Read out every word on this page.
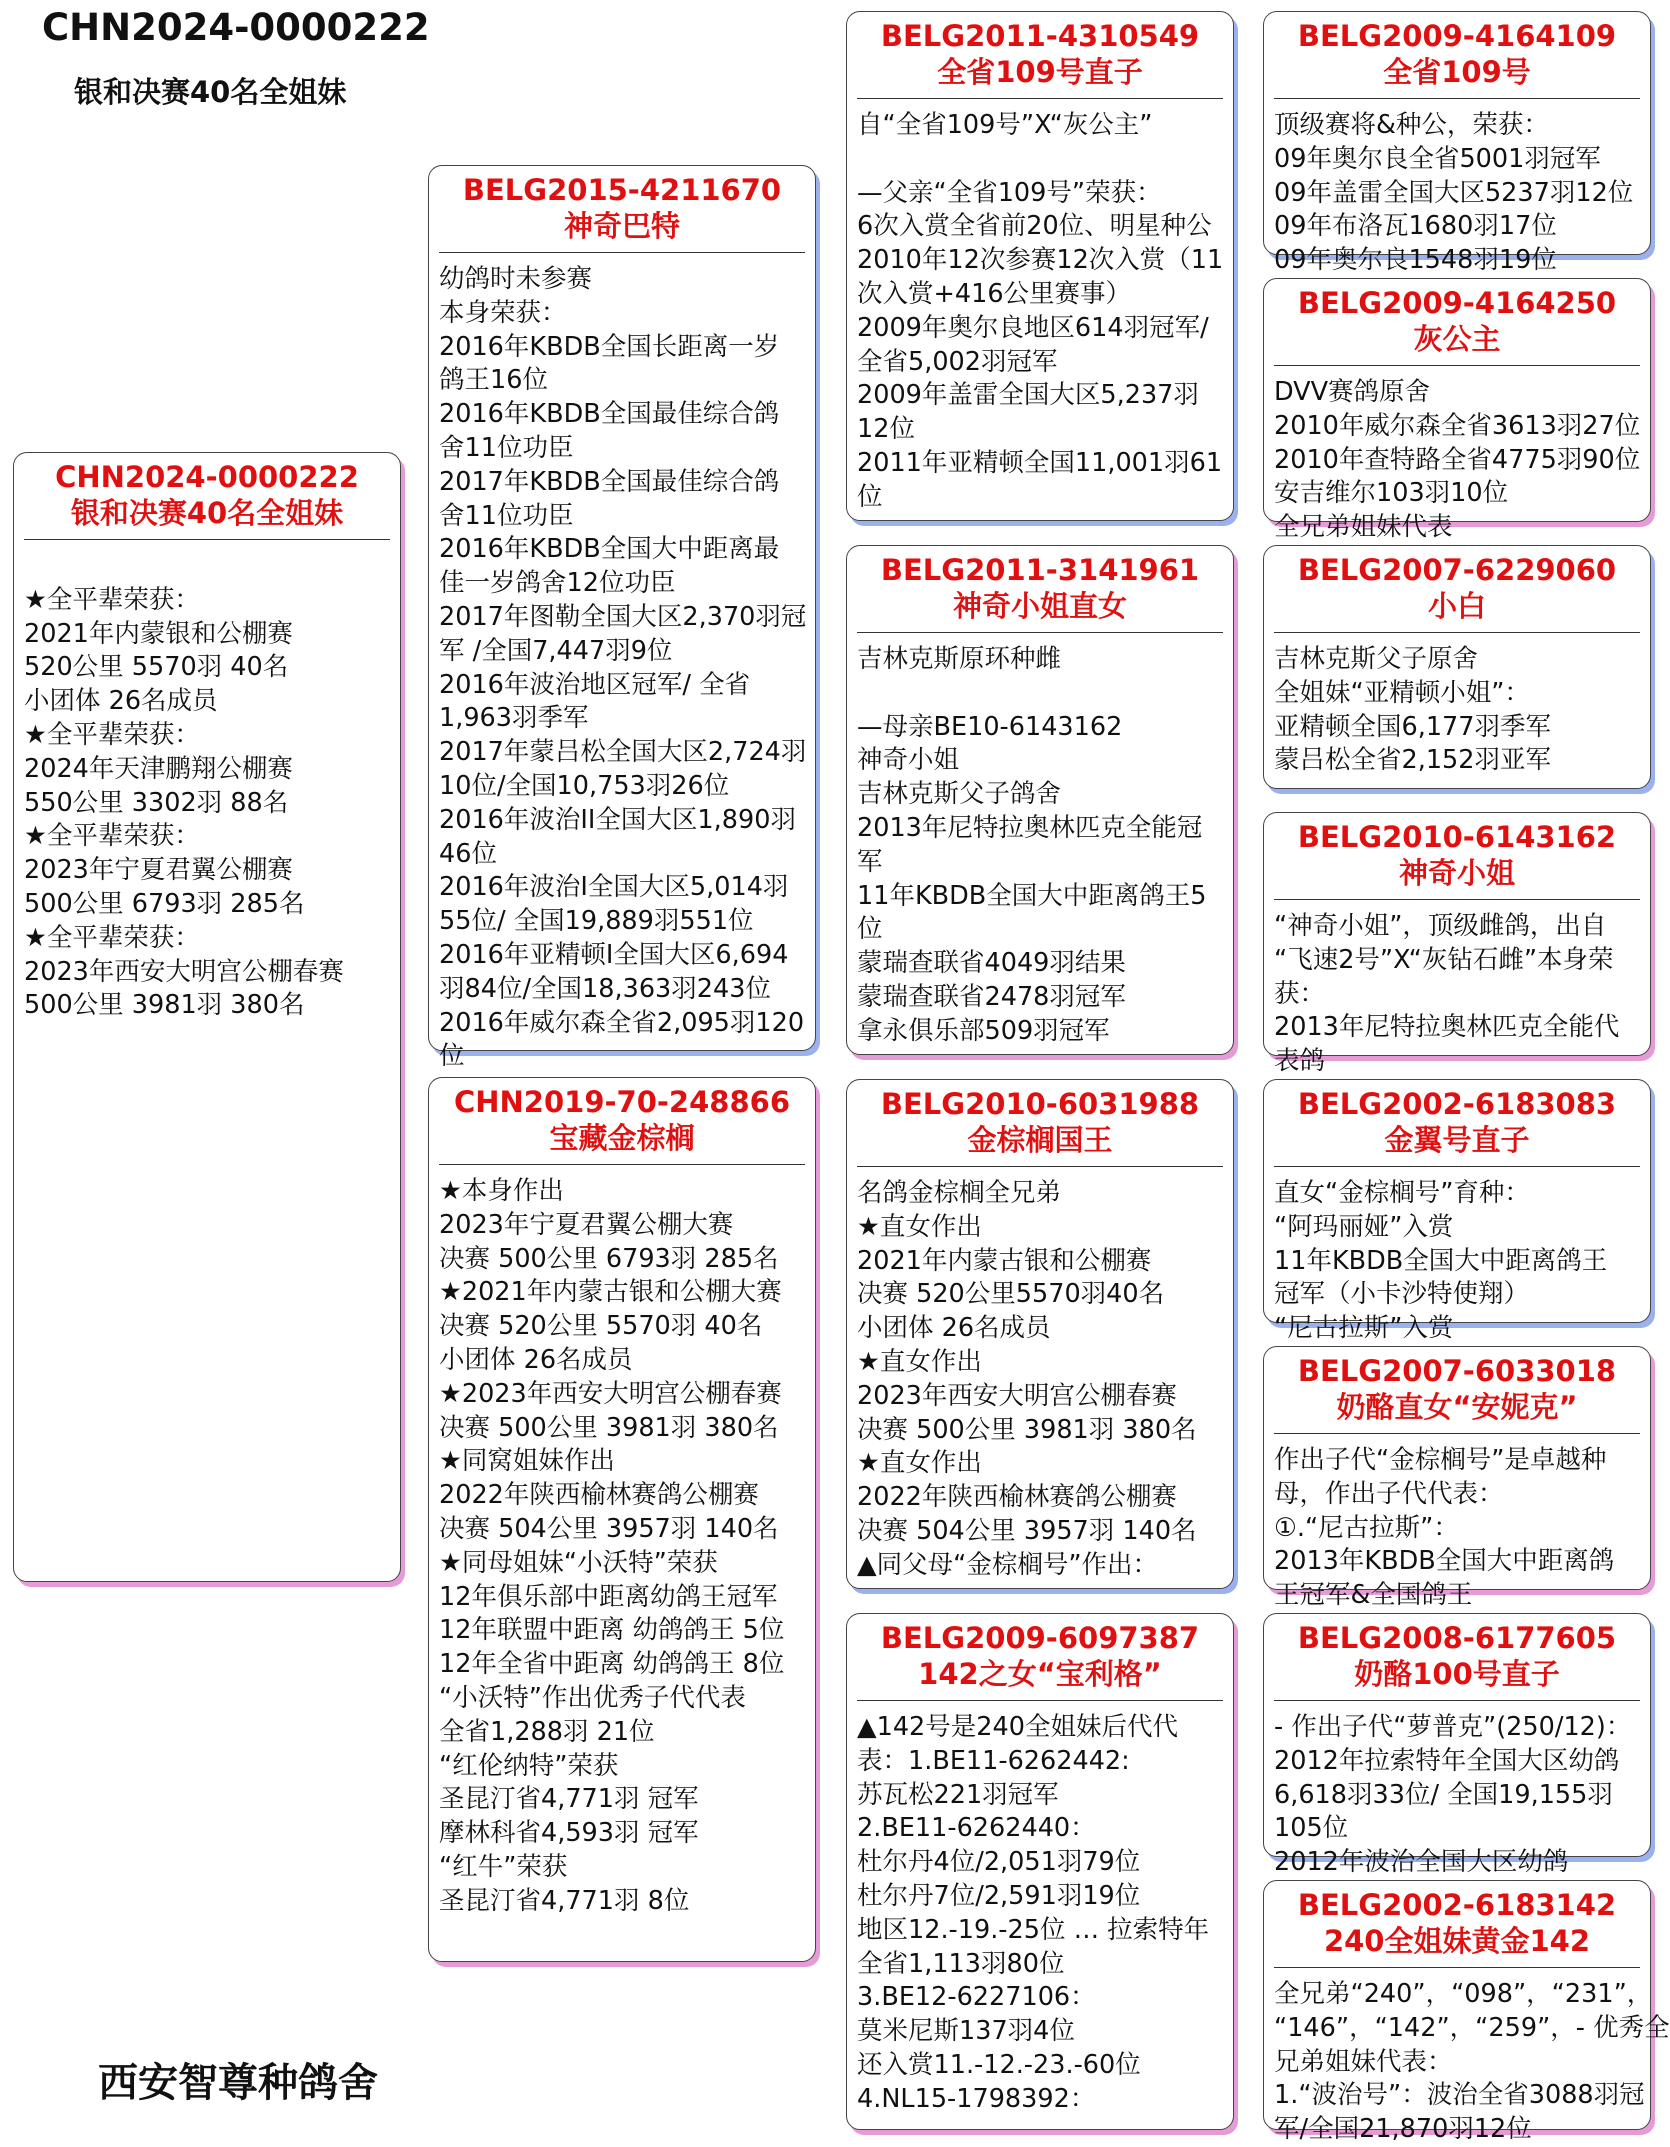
CHN2024-0000222
银和决赛40名全姐妹
CHN2024-0000222
银和决赛40名全姐妹
★全平辈荣获：
2021年内蒙银和公棚赛
520公里 5570羽 40名
小团体 26名成员
★全平辈荣获：
2024年天津鹏翔公棚赛
550公里 3302羽 88名
★全平辈荣获：
2023年宁夏君翼公棚赛
500公里 6793羽 285名
★全平辈荣获：
2023年西安大明宫公棚春赛
500公里 3981羽 380名
BELG2015-4211670
神奇巴特
幼鸽时未参赛
本身荣获：
2016年KBDB全国长距离一岁
鸽王16位
2016年KBDB全国最佳综合鸽
舍11位功臣
2017年KBDB全国最佳综合鸽
舍11位功臣
2016年KBDB全国大中距离最
佳一岁鸽舍12位功臣
2017年图勒全国大区2,370羽冠
军 /全国7,447羽9位
2016年波治地区冠军/ 全省
1,963羽季军
2017年蒙吕松全国大区2,724羽
10位/全国10,753羽26位
2016年波治II全国大区1,890羽
46位
2016年波治I全国大区5,014羽
55位/ 全国19,889羽551位
2016年亚精顿I全国大区6,694
羽84位/全国18,363羽243位
2016年威尔森全省2,095羽120
位
CHN2019-70-248866
宝藏金棕榈
★本身作出
2023年宁夏君翼公棚大赛
决赛 500公里 6793羽 285名
★2021年内蒙古银和公棚大赛
决赛 520公里 5570羽 40名
小团体 26名成员
★2023年西安大明宫公棚春赛
决赛 500公里 3981羽 380名
★同窝姐妹作出
2022年陕西榆林赛鸽公棚赛
决赛 504公里 3957羽 140名
★同母姐妹“小沃特”荣获
12年俱乐部中距离幼鸽王冠军
12年联盟中距离 幼鸽鸽王 5位
12年全省中距离 幼鸽鸽王 8位
“小沃特”作出优秀子代代表
全省1,288羽 21位
“红伦纳特”荣获
圣昆汀省4,771羽 冠军
摩林科省4,593羽 冠军
“红牛”荣获
圣昆汀省4,771羽 8位
BELG2011-4310549
全省109号直子
自“全省109号”X“灰公主”
—父亲“全省109号”荣获：
6次入赏全省前20位、明星种公
2010年12次参赛12次入赏（11
次入赏+416公里赛事）
2009年奥尔良地区614羽冠军/
全省5,002羽冠军
2009年盖雷全国大区5,237羽
12位
2011年亚精顿全国11,001羽61
位
BELG2011-3141961
神奇小姐直女
吉林克斯原环种雌
—母亲BE10-6143162
神奇小姐
吉林克斯父子鸽舍
2013年尼特拉奥林匹克全能冠
军
11年KBDB全国大中距离鸽王5
位
蒙瑞查联省4049羽结果
蒙瑞查联省2478羽冠军
拿永俱乐部509羽冠军
BELG2010-6031988
金棕榈国王
名鸽金棕榈全兄弟
★直女作出
2021年内蒙古银和公棚赛
决赛 520公里5570羽40名
小团体 26名成员
★直女作出
2023年西安大明宫公棚春赛
决赛 500公里 3981羽 380名
★直女作出
2022年陕西榆林赛鸽公棚赛
决赛 504公里 3957羽 140名
▲同父母“金棕榈号”作出：
BELG2009-6097387
142之女“宝利格”
▲142号是240全姐妹后代代
表：1.BE11-6262442:
苏瓦松221羽冠军
2.BE11-6262440：
杜尔丹4位/2,051羽79位
杜尔丹7位/2,591羽19位
地区12.-19.-25位 … 拉索特年
全省1,113羽80位
3.BE12-6227106：
莫米尼斯137羽4位
还入赏11.-12.-23.-60位
4.NL15-1798392：
BELG2009-4164109
全省109号
顶级赛将&种公，荣获：
09年奥尔良全省5001羽冠军
09年盖雷全国大区5237羽12位
09年布洛瓦1680羽17位
09年奥尔良1548羽19位
BELG2009-4164250
灰公主
DVV赛鸽原舍
2010年威尔森全省3613羽27位
2010年查特路全省4775羽90位
安吉维尔103羽10位
全兄弟姐妹代表
BELG2007-6229060
小白
吉林克斯父子原舍
全姐妹“亚精顿小姐”：
亚精顿全国6,177羽季军
蒙吕松全省2,152羽亚军
BELG2010-6143162
神奇小姐
“神奇小姐”，顶级雌鸽，出自
“飞速2号”X“灰钻石雌”本身荣
获：
2013年尼特拉奥林匹克全能代
表鸽
BELG2002-6183083
金翼号直子
直女“金棕榈号”育种：
“阿玛丽娅”入赏
11年KBDB全国大中距离鸽王
冠军（小卡沙特使翔）
“尼古拉斯”入赏
BELG2007-6033018
奶酪直女“安妮克”
作出子代“金棕榈号”是卓越种
母，作出子代代表：
①.“尼古拉斯”：
2013年KBDB全国大中距离鸽
王冠军&全国鸽王
BELG2008-6177605
奶酪100号直子
- 作出子代“萝普克”(250/12)：
2012年拉索特年全国大区幼鸽
6,618羽33位/ 全国19,155羽
105位
2012年波治全国大区幼鸽
BELG2002-6183142
240全姐妹黄金142
全兄弟“240”，“098”，“231”，
“146”，“142”，“259”，- 优秀全
兄弟姐妹代表：
1.“波治号”：波治全省3088羽冠
军/全国21,870羽12位
西安智尊种鸽舍
